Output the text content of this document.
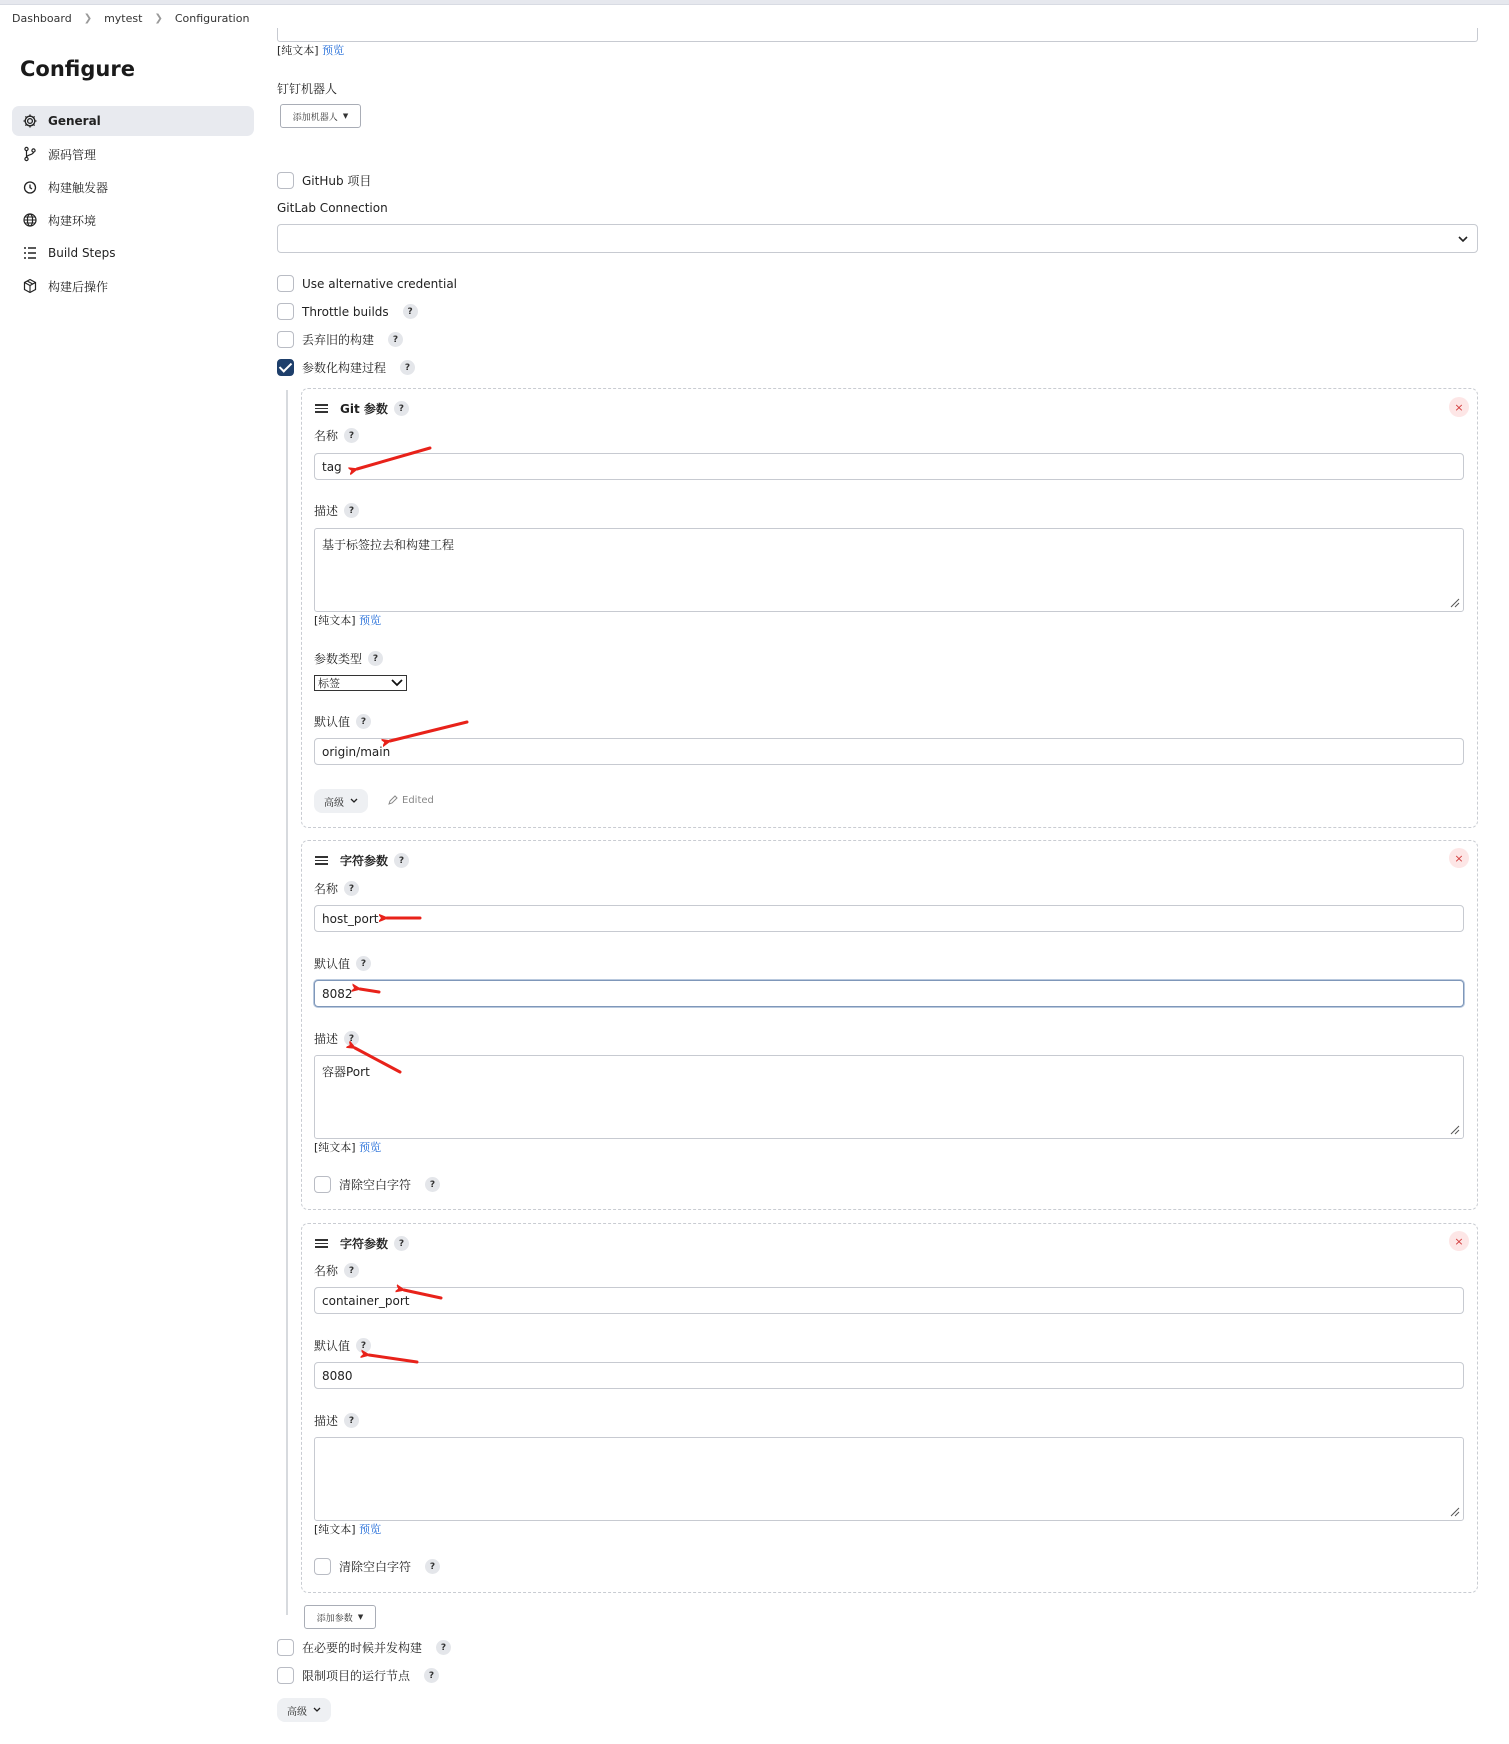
Dashboard ❯ mytest ❯ Configuration
Configure
General
源码管理
构建触发器
构建环境
Build Steps
构建后操作
[纯文本] 预览
钉钉机器人
添加机器人 ▼
GitHub 项目
GitLab Connection
Use alternative credential
Throttle builds	?
丢弃旧的构建	?
参数化构建过程	?
Git 参数	?	×
名称	?
tag
描述	?
基于标签拉去和构建工程
[纯文本] 预览
参数类型	?
标签
默认值	?
origin/main
高级	Edited
字符参数	?	×
名称	?
host_port
默认值	?
8082
描述	?
容器Port
[纯文本] 预览
清除空白字符	?
字符参数	?	×
名称	?
container_port
默认值	?
8080
描述	?
[纯文本] 预览
清除空白字符	?
添加参数 ▼
在必要的时候并发构建	?
限制项目的运行节点	?
高级
